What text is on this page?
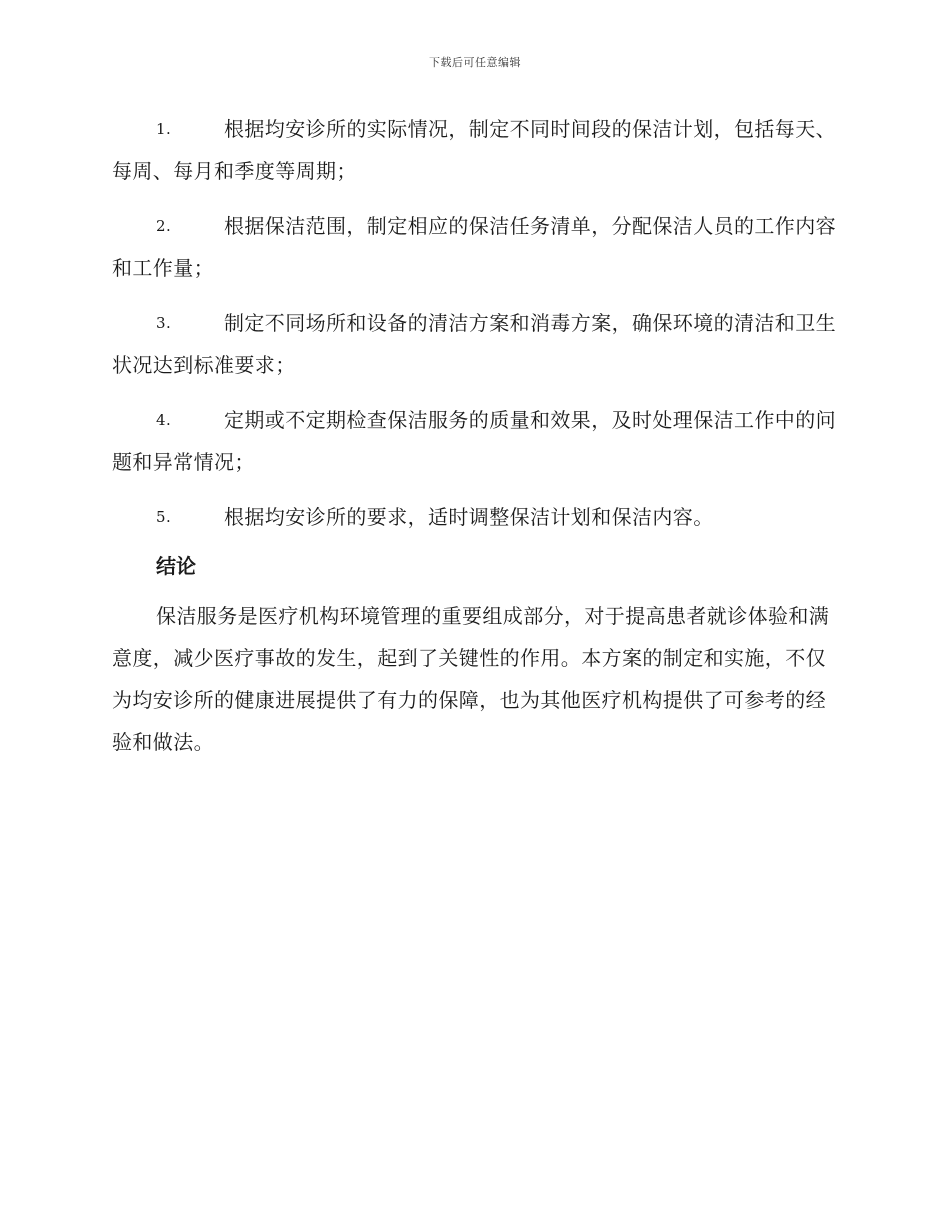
下载后可任意编辑

1.	根据均安诊所的实际情况，制定不同时间段的保洁计划，包括每天、每周、每月和季度等周期；

2.	根据保洁范围，制定相应的保洁任务清单，分配保洁人员的工作内容和工作量；

3.	制定不同场所和设备的清洁方案和消毒方案，确保环境的清洁和卫生状况达到标准要求；

4.	定期或不定期检查保洁服务的质量和效果，及时处理保洁工作中的问题和异常情况；

5.	根据均安诊所的要求，适时调整保洁计划和保洁内容。

结论

保洁服务是医疗机构环境管理的重要组成部分，对于提高患者就诊体验和满意度，减少医疗事故的发生，起到了关键性的作用。本方案的制定和实施，不仅为均安诊所的健康进展提供了有力的保障，也为其他医疗机构提供了可参考的经验和做法。
